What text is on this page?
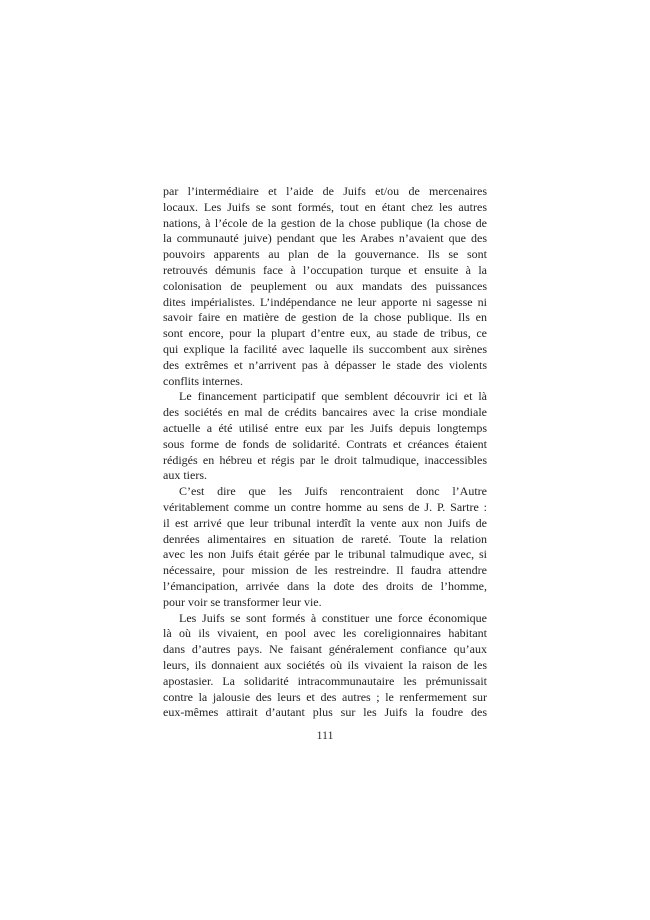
par l’intermédiaire et l’aide de Juifs et/ou de mercenaires
locaux. Les Juifs se sont formés, tout en étant chez les autres
nations, à l’école de la gestion de la chose publique (la chose de
la communauté juive) pendant que les Arabes n’avaient que des
pouvoirs apparents au plan de la gouvernance. Ils se sont
retrouvés démunis face à l’occupation turque et ensuite à la
colonisation de peuplement ou aux mandats des puissances
dites impérialistes. L’indépendance ne leur apporte ni sagesse ni
savoir faire en matière de gestion de la chose publique. Ils en
sont encore, pour la plupart d’entre eux, au stade de tribus, ce
qui explique la facilité avec laquelle ils succombent aux sirènes
des extrêmes et n’arrivent pas à dépasser le stade des violents
conflits internes.
Le financement participatif que semblent découvrir ici et là
des sociétés en mal de crédits bancaires avec la crise mondiale
actuelle a été utilisé entre eux par les Juifs depuis longtemps
sous forme de fonds de solidarité. Contrats et créances étaient
rédigés en hébreu et régis par le droit talmudique, inaccessibles
aux tiers.
C’est dire que les Juifs rencontraient donc l’Autre
véritablement comme un contre homme au sens de J. P. Sartre :
il est arrivé que leur tribunal interdît la vente aux non Juifs de
denrées alimentaires en situation de rareté. Toute la relation
avec les non Juifs était gérée par le tribunal talmudique avec, si
nécessaire, pour mission de les restreindre. Il faudra attendre
l’émancipation, arrivée dans la dote des droits de l’homme,
pour voir se transformer leur vie.
Les Juifs se sont formés à constituer une force économique
là où ils vivaient, en pool avec les coreligionnaires habitant
dans d’autres pays. Ne faisant généralement confiance qu’aux
leurs, ils donnaient aux sociétés où ils vivaient la raison de les
apostasier. La solidarité intracommunautaire les prémunissait
contre la jalousie des leurs et des autres ; le renfermement sur
eux-mêmes attirait d’autant plus sur les Juifs la foudre des
111
